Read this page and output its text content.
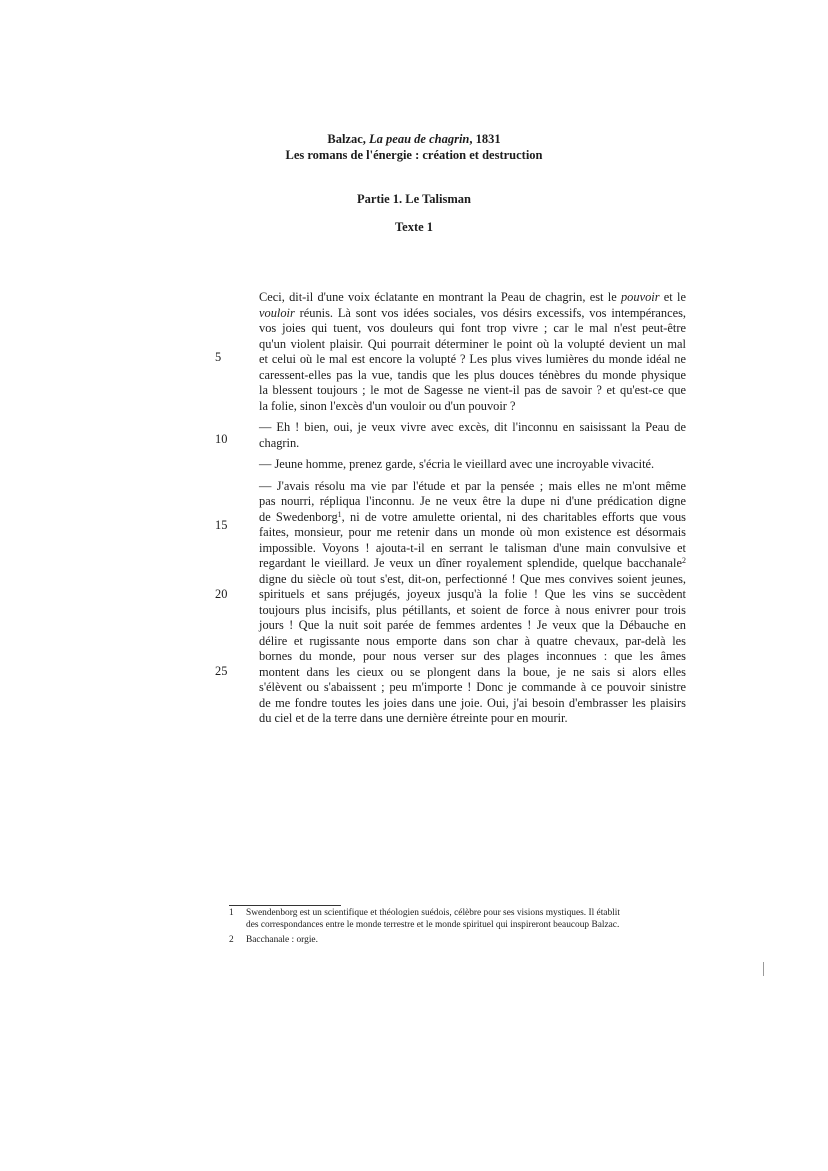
Balzac, La peau de chagrin, 1831
Les romans de l'énergie : création et destruction
Partie 1. Le Talisman
Texte 1
5
10
15
20
25
Ceci, dit-il d'une voix éclatante en montrant la Peau de chagrin, est le pouvoir et le
vouloir réunis. Là sont vos idées sociales, vos désirs excessifs, vos intempérances,
vos joies qui tuent, vos douleurs qui font trop vivre ; car le mal n'est peut-être
qu'un violent plaisir. Qui pourrait déterminer le point où la volupté devient un mal
et celui où le mal est encore la volupté ? Les plus vives lumières du monde idéal ne
caressent-elles pas la vue, tandis que les plus douces ténèbres du monde physique
la blessent toujours ; le mot de Sagesse ne vient-il pas de savoir ? et qu'est-ce que
la folie, sinon l'excès d'un vouloir ou d'un pouvoir ?
— Eh ! bien, oui, je veux vivre avec excès, dit l'inconnu en saisissant la Peau de
chagrin.
— Jeune homme, prenez garde, s'écria le vieillard avec une incroyable vivacité.
— J'avais résolu ma vie par l'étude et par la pensée ; mais elles ne m'ont même
pas nourri, répliqua l'inconnu. Je ne veux être la dupe ni d'une prédication digne
de Swedenborg$^1$, ni de votre amulette oriental, ni des charitables efforts que vous
faites, monsieur, pour me retenir dans un monde où mon existence est désormais
impossible. Voyons ! ajouta-t-il en serrant le talisman d'une main convulsive et
regardant le vieillard. Je veux un dîner royalement splendide, quelque bacchanale$^2$
digne du siècle où tout s'est, dit-on, perfectionné ! Que mes convives soient jeunes,
spirituels et sans préjugés, joyeux jusqu'à la folie ! Que les vins se succèdent
toujours plus incisifs, plus pétillants, et soient de force à nous enivrer pour trois
jours ! Que la nuit soit parée de femmes ardentes ! Je veux que la Débauche en
délire et rugissante nous emporte dans son char à quatre chevaux, par-delà les
bornes du monde, pour nous verser sur des plages inconnues : que les âmes
montent dans les cieux ou se plongent dans la boue, je ne sais si alors elles
s'élèvent ou s'abaissent ; peu m'importe ! Donc je commande à ce pouvoir sinistre
de me fondre toutes les joies dans une joie. Oui, j'ai besoin d'embrasser les plaisirs
du ciel et de la terre dans une dernière étreinte pour en mourir.
1 Swendenborg est un scientifique et théologien suédois, célèbre pour ses visions mystiques. Il établit
des correspondances entre le monde terrestre et le monde spirituel qui inspireront beaucoup Balzac.
2 Bacchanale : orgie.
